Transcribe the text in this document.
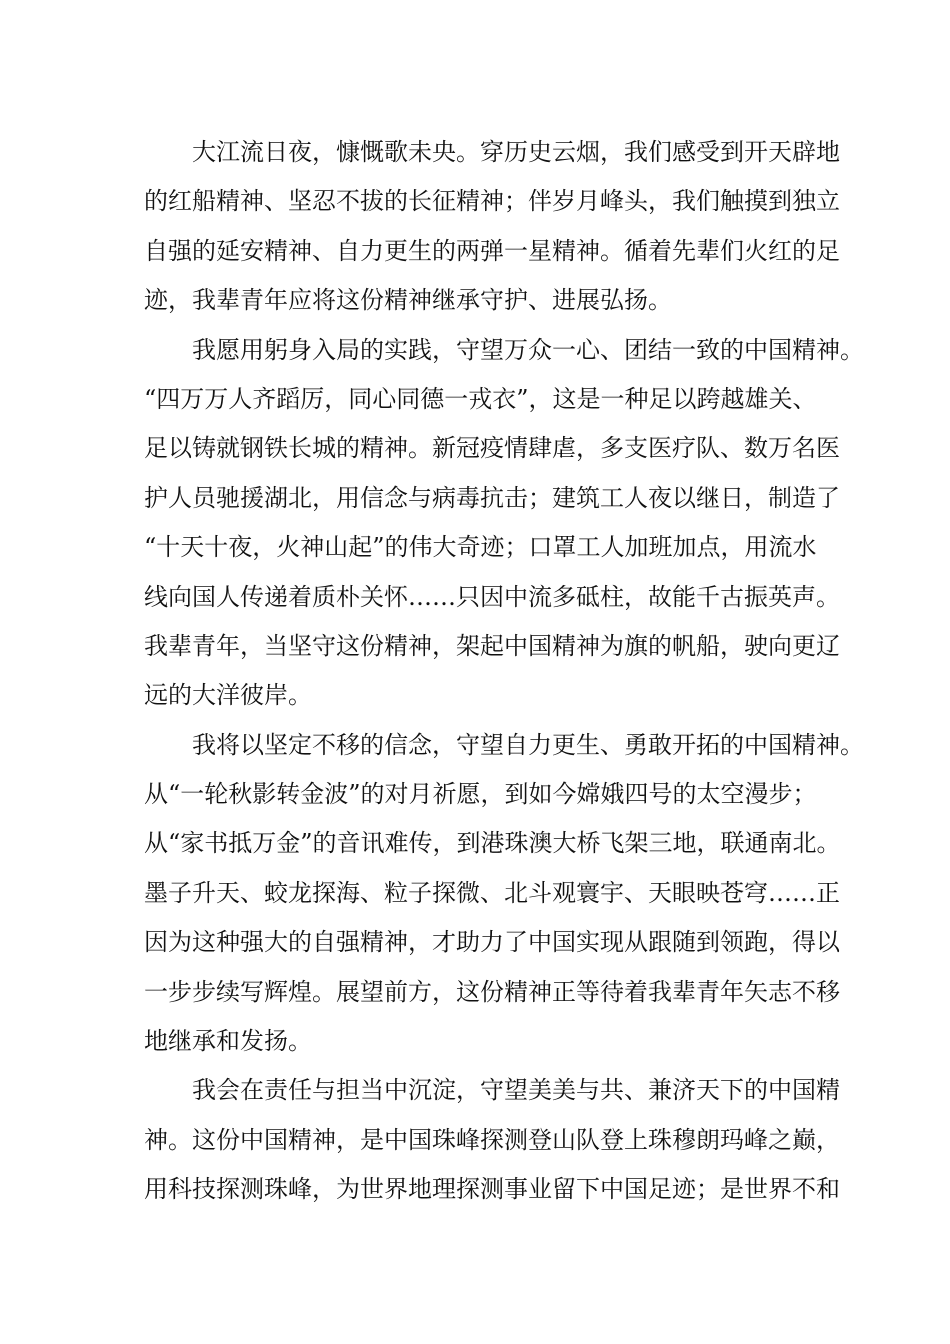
大江流日夜，慷慨歌未央。穿历史云烟，我们感受到开天辟地
的红船精神、坚忍不拔的长征精神；伴岁月峰头，我们触摸到独立
自强的延安精神、自力更生的两弹一星精神。循着先辈们火红的足
迹，我辈青年应将这份精神继承守护、进展弘扬。
我愿用躬身入局的实践，守望万众一心、团结一致的中国精神。
“四万万人齐蹈厉，同心同德一戎衣”，这是一种足以跨越雄关、
足以铸就钢铁长城的精神。新冠疫情肆虐，多支医疗队、数万名医
护人员驰援湖北，用信念与病毒抗击；建筑工人夜以继日，制造了
“十天十夜，火神山起”的伟大奇迹；口罩工人加班加点，用流水
线向国人传递着质朴关怀……只因中流多砥柱，故能千古振英声。
我辈青年，当坚守这份精神，架起中国精神为旗的帆船，驶向更辽
远的大洋彼岸。
我将以坚定不移的信念，守望自力更生、勇敢开拓的中国精神。
从“一轮秋影转金波”的对月祈愿，到如今嫦娥四号的太空漫步；
从“家书抵万金”的音讯难传，到港珠澳大桥飞架三地，联通南北。
墨子升天、蛟龙探海、粒子探微、北斗观寰宇、天眼映苍穹……正
因为这种强大的自强精神，才助力了中国实现从跟随到领跑，得以
一步步续写辉煌。展望前方，这份精神正等待着我辈青年矢志不移
地继承和发扬。
我会在责任与担当中沉淀，守望美美与共、兼济天下的中国精
神。这份中国精神，是中国珠峰探测登山队登上珠穆朗玛峰之巅，
用科技探测珠峰，为世界地理探测事业留下中国足迹；是世界不和
